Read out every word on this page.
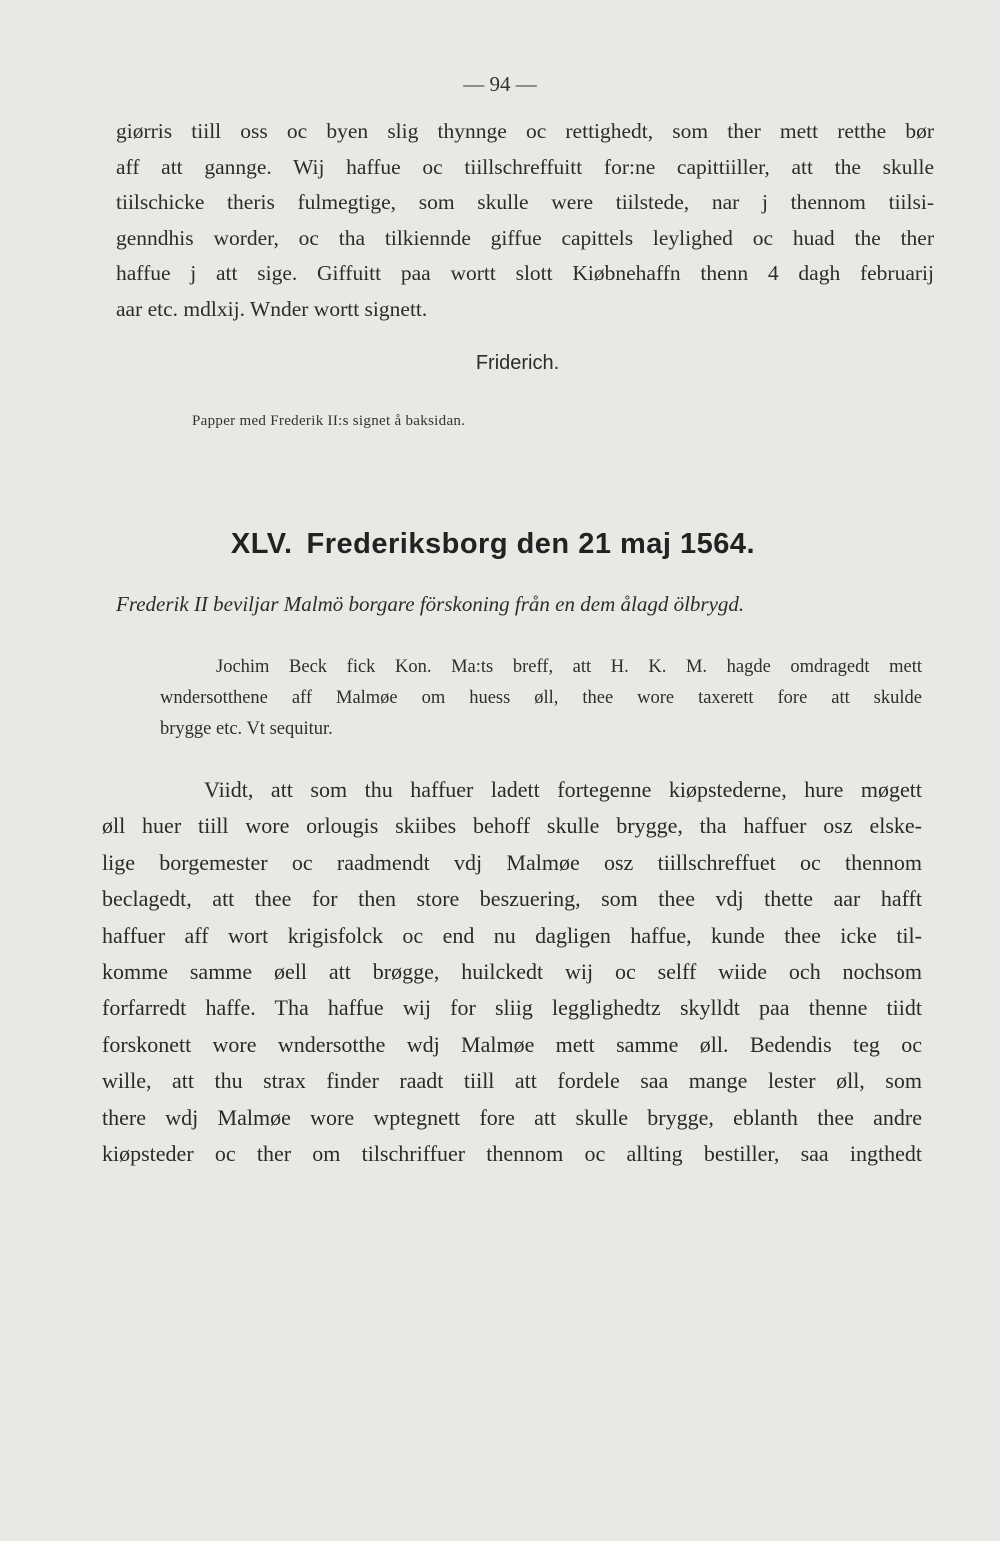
— 94 —
giørris tiill oss oc byen slig thynnge oc rettighedt, som ther mett retthe bør
aff att gannge. Wij haffue oc tiillschreffuitt for:ne capittiiller, att the skulle
tiilschicke theris fulmegtige, som skulle were tiilstede, nar j thennom tiilsi-
genndhis worder, oc tha tilkiennde giffue capittels leylighed oc huad the ther
haffue j att sige. Giffuitt paa wortt slott Kiøbnehaffn thenn 4 dagh februarij
aar etc. mdlxij. Wnder wortt signett.
Friderich.
Papper med Frederik II:s signet å baksidan.
XLV. Frederiksborg den 21 maj 1564.
Frederik II beviljar Malmö borgare förskoning från en dem ålagd ölbrygd.
Jochim Beck fick Kon. Ma:ts breff, att H. K. M. hagde omdragedt mett
wndersotthene aff Malmøe om huess øll, thee wore taxerett fore att skulde
brygge etc. Vt sequitur.
Viidt, att som thu haffuer ladett fortegenne kiøpstederne, hure møgett
øll huer tiill wore orlougis skiibes behoff skulle brygge, tha haffuer osz elske-
lige borgemester oc raadmendt vdj Malmøe osz tiillschreffuet oc thennom
beclagedt, att thee for then store beszuering, som thee vdj thette aar hafft
haffuer aff wort krigisfolck oc end nu dagligen haffue, kunde thee icke til-
komme samme øell att brøgge, huilckedt wij oc selff wiide och nochsom
forfarredt haffe. Tha haffue wij for sliig legglighedtz skylldt paa thenne tiidt
forskonett wore wndersotthe wdj Malmøe mett samme øll. Bedendis teg oc
wille, att thu strax finder raadt tiill att fordele saa mange lester øll, som
there wdj Malmøe wore wptegnett fore att skulle brygge, eblanth thee andre
kiøpsteder oc ther om tilschriffuer thennom oc allting bestiller, saa ingthedt
